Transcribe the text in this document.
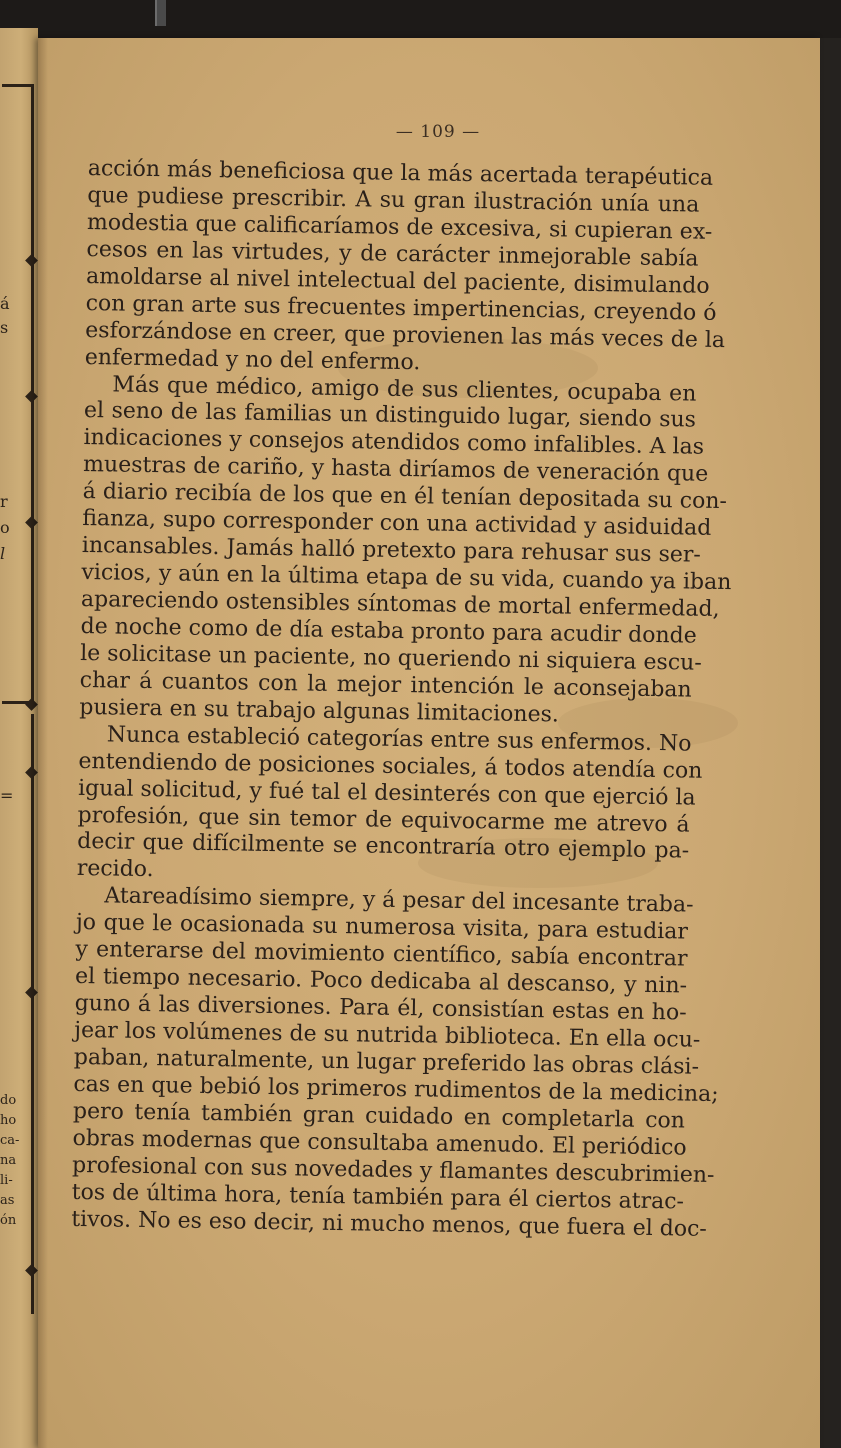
á
s
r
o
l
=
do
ho
ca-
na
li-
as
ón
— 109 —
acción más beneficiosa que la más acertada terapéutica
que pudiese prescribir. A su gran ilustración unía una
modestia que calificaríamos de excesiva, si cupieran ex-
cesos en las virtudes, y de carácter inmejorable sabía
amoldarse al nivel intelectual del paciente, disimulando
con gran arte sus frecuentes impertinencias, creyendo ó
esforzándose en creer, que provienen las más veces de la
enfermedad y no del enfermo.
Más que médico, amigo de sus clientes, ocupaba en
el seno de las familias un distinguido lugar, siendo sus
indicaciones y consejos atendidos como infalibles. A las
muestras de cariño, y hasta diríamos de veneración que
á diario recibía de los que en él tenían depositada su con-
fianza, supo corresponder con una actividad y asiduidad
incansables. Jamás halló pretexto para rehusar sus ser-
vicios, y aún en la última etapa de su vida, cuando ya iban
apareciendo ostensibles síntomas de mortal enfermedad,
de noche como de día estaba pronto para acudir donde
le solicitase un paciente, no queriendo ni siquiera escu-
char á cuantos con la mejor intención le aconsejaban
pusiera en su trabajo algunas limitaciones.
Nunca estableció categorías entre sus enfermos. No
entendiendo de posiciones sociales, á todos atendía con
igual solicitud, y fué tal el desinterés con que ejerció la
profesión, que sin temor de equivocarme me atrevo á
decir que difícilmente se encontraría otro ejemplo pa-
recido.
Atareadísimo siempre, y á pesar del incesante traba-
jo que le ocasionada su numerosa visita, para estudiar
y enterarse del movimiento científico, sabía encontrar
el tiempo necesario. Poco dedicaba al descanso, y nin-
guno á las diversiones. Para él, consistían estas en ho-
jear los volúmenes de su nutrida biblioteca. En ella ocu-
paban, naturalmente, un lugar preferido las obras clási-
cas en que bebió los primeros rudimentos de la medicina;
pero tenía también gran cuidado en completarla con
obras modernas que consultaba amenudo. El periódico
profesional con sus novedades y flamantes descubrimien-
tos de última hora, tenía también para él ciertos atrac-
tivos. No es eso decir, ni mucho menos, que fuera el doc-
